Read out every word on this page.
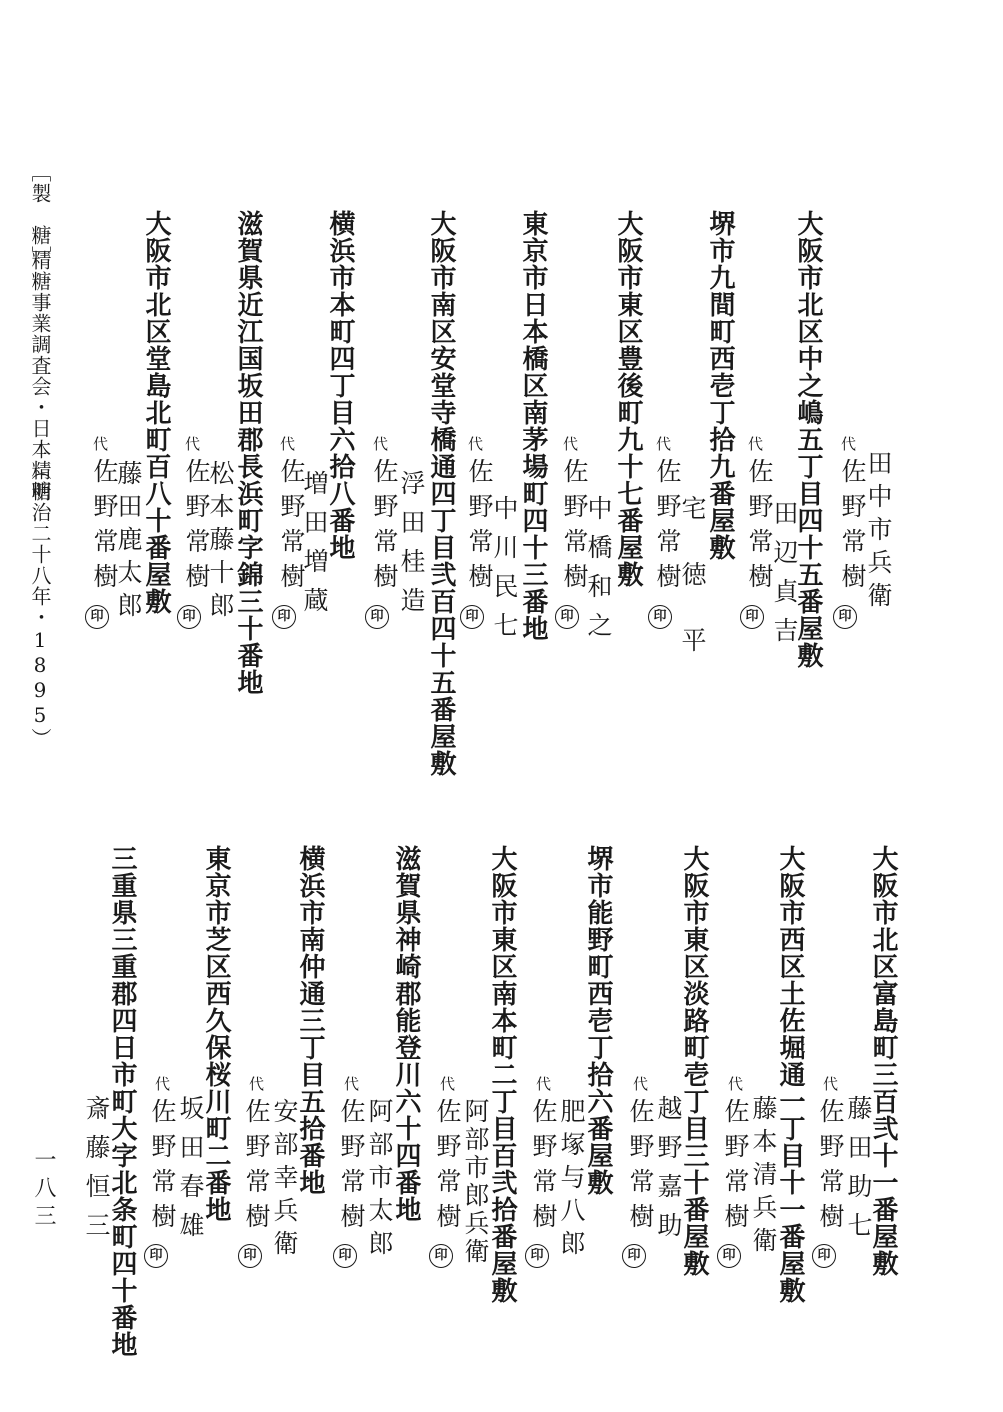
［製　糖］
精糖事業調査会・日本精糖
（明治二十八年・1895）	大阪市北区中之嶋五丁目四十五番屋敷 田中市兵衛
代
佐野常樹
印
堺市九間町西壱丁拾九番屋敷
田辺貞吉
代
佐野常樹
印
大阪市東区豊後町九十七番屋敷 宅　徳　平
代
佐野常樹
印
東京市日本橋区南茅場町四十三番地 中橋和之
代
佐野常樹
印
大阪市南区安堂寺橋通四丁目弐百四十五番屋敷 中川民七
代
佐野常樹
印
横浜市本町四丁目六拾八番地 浮田桂造
代
佐野常樹
印
滋賀県近江国坂田郡長浜町字錦三十番地 増田増蔵
代
佐野常樹
印
大阪市北区堂島北町百八十番屋敷 松本藤十郎
代
佐野常樹
印
藤田鹿太郎
代
佐野常樹
印
大阪市北区富島町三百弐十一番屋敷
藤田助七
代
佐野常樹
印
大阪市西区土佐堀通一丁目十一番屋敷
藤本清兵衛
代
佐野常樹
印
大阪市東区淡路町壱丁目三十番屋敷
越野嘉助
代
佐野常樹
印
堺市能野町西壱丁拾六番屋敷
肥塚与八郎
代
佐野常樹
印
大阪市東区南本町二丁目百弐拾番屋敷
阿部市郎兵衛
代
佐野常樹
印
滋賀県神崎郡能登川六十四番地
阿部市太郎
代
佐野常樹
印
横浜市南仲通三丁目五拾番地
安部幸兵衛
代
佐野常樹
印
東京市芝区西久保桜川町二番地
坂田春雄
代
佐野常樹
印
三重県三重郡四日市町大字北条町四十番地
斎藤恒三
一八三
